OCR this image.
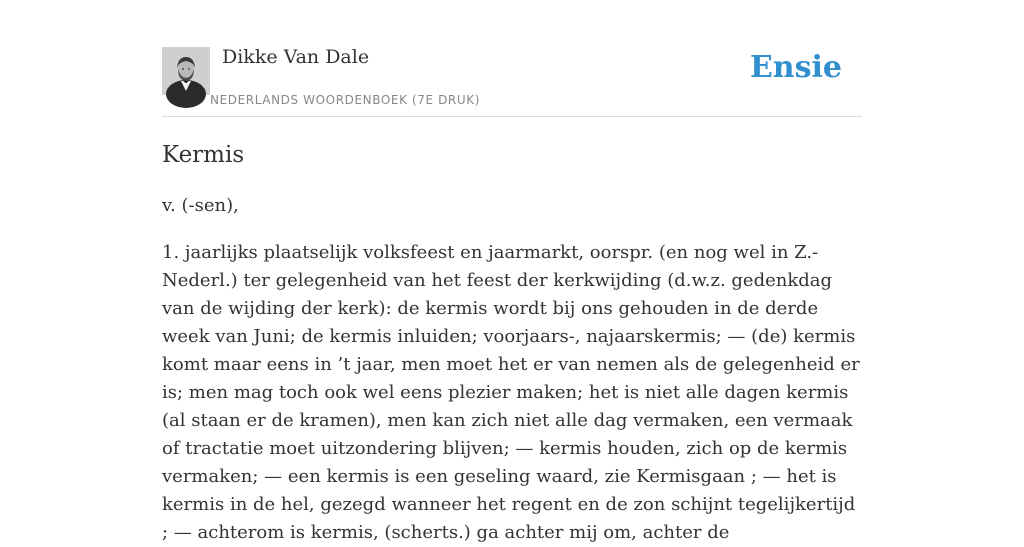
Dikke Van Dale
NEDERLANDS WOORDENBOEK (7E DRUK)
Ensie
Kermis

v. (-sen),

1. jaarlijks plaatselijk volksfeest en jaarmarkt, oorspr. (en nog wel in Z.-Nederl.) ter gelegenheid van het feest der kerkwijding (d.w.z. gedenkdag van de wijding der kerk): de kermis wordt bij ons gehouden in de derde week van Juni; de kermis inluiden; voorjaars-, najaarskermis; — (de) kermis komt maar eens in ’t jaar, men moet het er van nemen als de gelegenheid er is; men mag toch ook wel eens plezier maken; het is niet alle dagen kermis (al staan er de kramen), men kan zich niet alle dag vermaken, een vermaak of tractatie moet uitzondering blijven; — kermis houden, zich op de kermis vermaken; — een kermis is een geseling waard, zie Kermisgaan ; — het is kermis in de hel, gezegd wanneer het regent en de zon schijnt tegelijkertijd ; — achterom is kermis, (scherts.) ga achter mij om, achter de
